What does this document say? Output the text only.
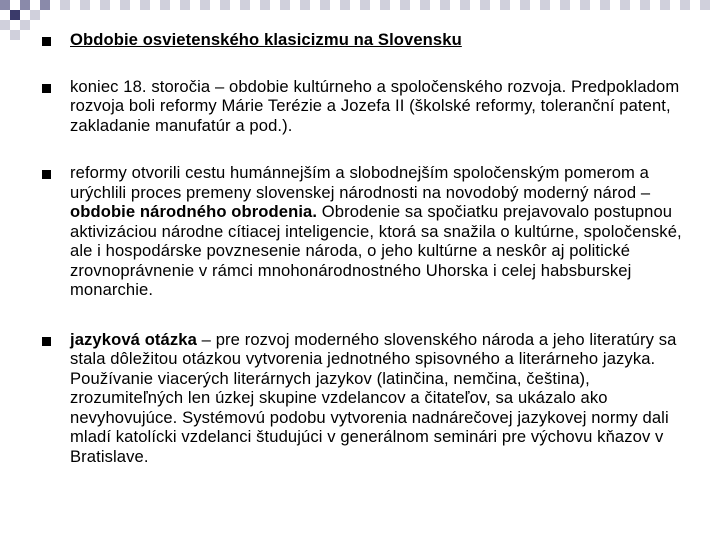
Obdobie osvietenského klasicizmu na Slovensku
koniec 18. storočia – obdobie kultúrneho a spoločenského rozvoja. Predpokladom rozvoja boli reformy Márie Terézie a Jozefa II (školské reformy, toleranční patent, zakladanie manufatúr a pod.).
reformy otvorili cestu humánnejším a slobodnejším spoločenským pomerom a urýchlili proces premeny slovenskej národnosti na novodobý moderný národ – obdobie národného obrodenia. Obrodenie sa spočiatku prejavovalo postupnou aktivizáciou národne cítiacej inteligencie, ktorá sa snažila o kultúrne, spoločenské, ale i hospodárske povznesenie národa, o jeho kultúrne a neskôr aj politické zrovnoprávnenie v rámci mnohonárodnostného Uhorska i celej habsburskej monarchie.
jazyková otázka – pre rozvoj moderného slovenského národa a jeho literatúry sa stala dôležitou otázkou vytvorenia jednotného spisovného a literárneho jazyka. Používanie viacerých literárnych jazykov (latinčina, nemčina, čeština), zrozumiteľných len úzkej skupine vzdelancov a čitateľov, sa ukázalo ako nevyhovujúce. Systémovú podobu vytvorenia nadnárečovej jazykovej normy dali mladí katolícki vzdelanci študujúci v generálnom seminári pre výchovu kňazov v Bratislave.
